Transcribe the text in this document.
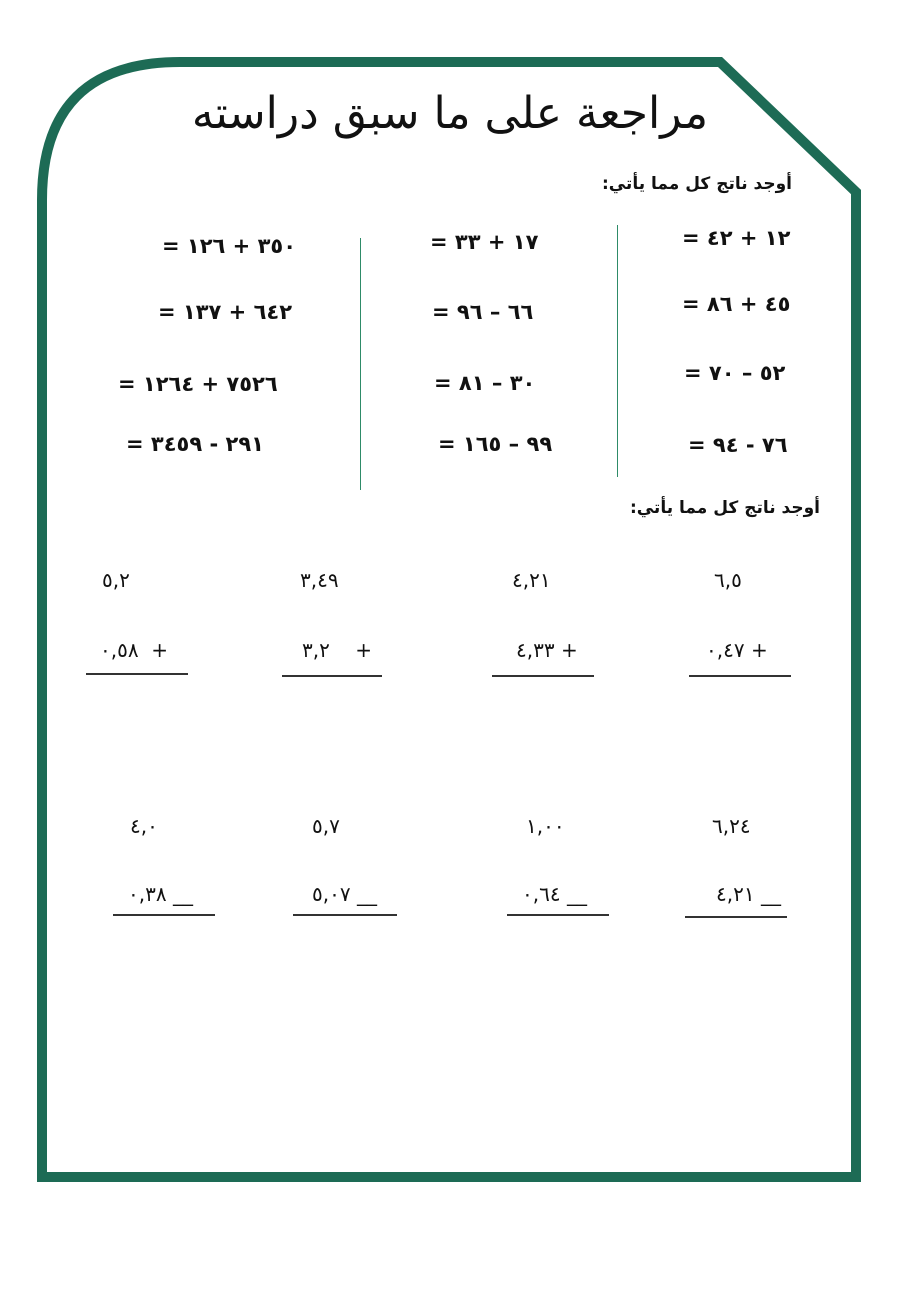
مراجعة على ما سبق دراسته
أوجد ناتج كل مما يأتي:
= ١٢ + ٤٢
= ٤٥ + ٨٦
= ٥٢ – ٧٠
= ٧٦ - ٩٤
= ١٧ + ٣٣
= ٦٦ – ٩٦
= ٣٠ – ٨١
= ٩٩ – ١٦٥
= ٣٥٠ + ١٢٦
= ٦٤٢ + ١٣٧
= ٧٥٢٦ + ١٢٦٤
= ٢٩١ - ٣٤٥٩
أوجد ناتج كل مما يأتي:
٦,٥
٠,٤٧ +
٤,٢١
٤,٣٣ +
٣,٤٩
٣,٢    +
٥,٢
٠,٥٨  +
٦,٢٤
٤,٢١ __
١,٠٠
٠,٦٤ __
٥,٧
٥,٠٧ __
٤,٠
٠,٣٨ __
